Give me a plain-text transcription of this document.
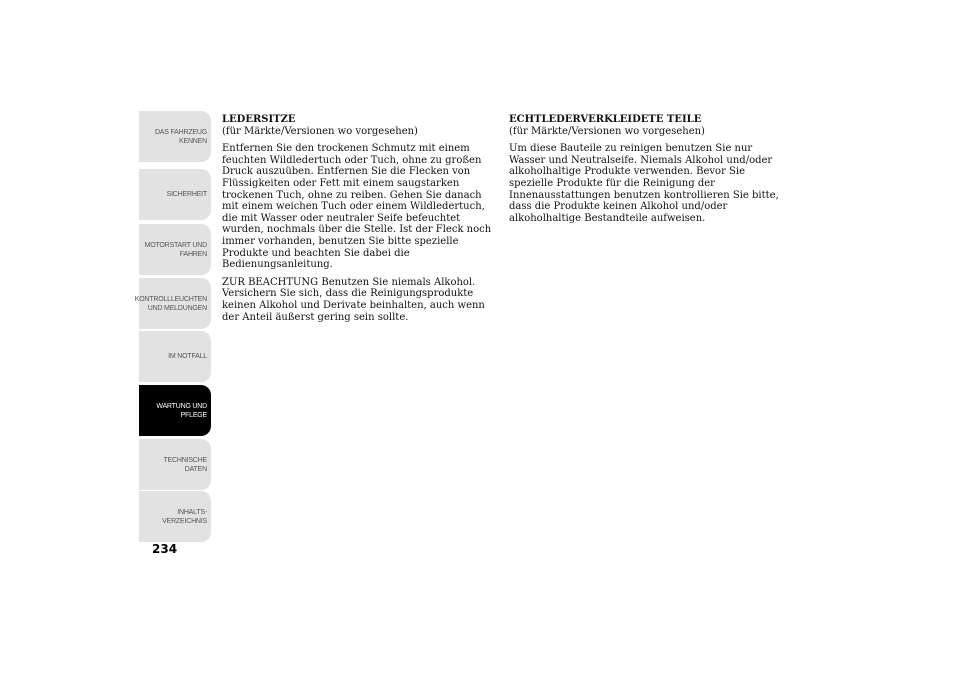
DAS FAHRZEUG
KENNEN
SICHERHEIT
MOTORSTART UND
FAHREN
KONTROLLLEUCHTEN
UND MELDUNGEN
IM NOTFALL
WARTUNG UND
PFLEGE
TECHNISCHE
DATEN
INHALTS-
VERZEICHNIS
234
LEDERSITZE
(für Märkte/Versionen wo vorgesehen)

Entfernen Sie den trockenen Schmutz mit einem feuchten Wildledertuch oder Tuch, ohne zu großen Druck auszuüben. Entfernen Sie die Flecken von Flüssigkeiten oder Fett mit einem saugstarken trockenen Tuch, ohne zu reiben. Gehen Sie danach mit einem weichen Tuch oder einem Wildledertuch, die mit Wasser oder neutraler Seife befeuchtet wurden, nochmals über die Stelle. Ist der Fleck noch immer vorhanden, benutzen Sie bitte spezielle Produkte und beachten Sie dabei die Bedienungsanleitung.

ZUR BEACHTUNG Benutzen Sie niemals Alkohol. Versichern Sie sich, dass die Reinigungsprodukte keinen Alkohol und Derivate beinhalten, auch wenn der Anteil äußerst gering sein sollte.

ECHTLEDERVERKLEIDETE TEILE
(für Märkte/Versionen wo vorgesehen)

Um diese Bauteile zu reinigen benutzen Sie nur Wasser und Neutralseife. Niemals Alkohol und/oder alkoholhaltige Produkte verwenden. Bevor Sie spezielle Produkte für die Reinigung der Innenausstattungen benutzen kontrollieren Sie bitte, dass die Produkte keinen Alkohol und/oder alkoholhaltige Bestandteile aufweisen.
